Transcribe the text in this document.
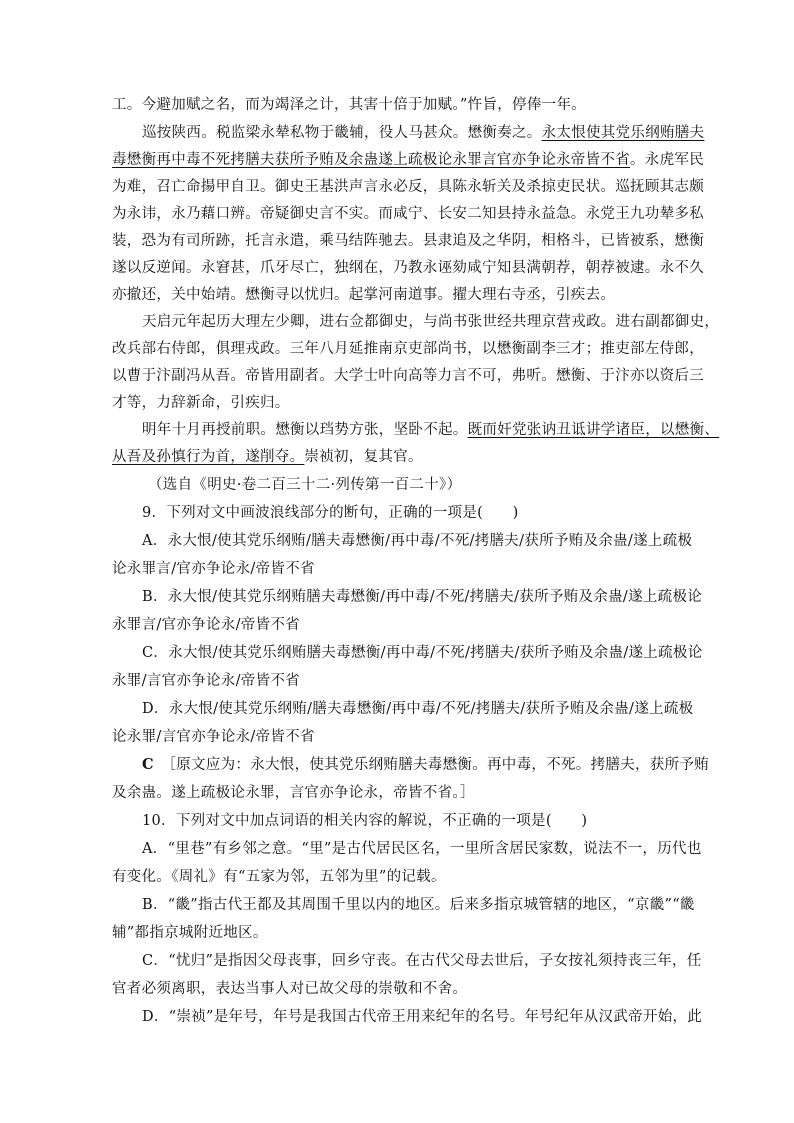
工。今避加赋之名，而为竭泽之计，其害十倍于加赋。”忤旨，停俸一年。
巡按陕西。税监梁永辇私物于畿辅，役人马甚众。懋衡奏之。永太恨使其党乐纲贿膳夫
毒懋衡再中毒不死拷膳夫获所予贿及余蛊遂上疏极论永罪言官亦争论永帝皆不省。永虎军民
为难，召亡命揚甲自卫。御史王基洪声言永必反，具陈永斩关及杀掠吏民状。巡抚顾其志颇
为永讳，永乃藉口辨。帝疑御史言不实。而咸宁、长安二知县持永益急。永党王九功辇多私
装，恐为有司所跡，托言永遣，乘马结阵驰去。县隶追及之华阴，相格斗，已皆被系，懋衡
遂以反逆闻。永窘甚，爪牙尽亡，独纲在，乃教永诬劾咸宁知县满朝荐，朝荐被逮。永不久
亦撤还，关中始靖。懋衡寻以忧归。起掌河南道事。擢大理右寺丞，引疾去。
天启元年起历大理左少卿，进右佥都御史，与尚书张世经共理京营戎政。进右副都御史，
改兵部右侍郎，俱理戎政。三年八月延推南京吏部尚书，以懋衡副李三才；推吏部左侍郎，
以曹于汴副冯从吾。帝皆用副者。大学士叶向高等力言不可，弗听。懋衡、于汴亦以资后三
才等，力辞新命，引疾归。
明年十月再授前职。懋衡以珰势方张，坚卧不起。既而奸党张讷丑诋讲学诸臣，以懋衡、
从吾及孙慎行为首，遂削夺。崇祯初，复其官。
（选自《明史·卷二百三十二·列传第一百二十》）
9．下列对文中画波浪线部分的断句，正确的一项是(　　)
A．永大恨/使其党乐纲贿/膳夫毒懋衡/再中毒/不死/拷膳夫/获所予贿及余蛊/遂上疏极
论永罪言/官亦争论永/帝皆不省
B．永大恨/使其党乐纲贿膳夫毒懋衡/再中毒/不死/拷膳夫/获所予贿及余蛊/遂上疏极论
永罪言/官亦争论永/帝皆不省
C．永大恨/使其党乐纲贿膳夫毒懋衡/再中毒/不死/拷膳夫/获所予贿及余蛊/遂上疏极论
永罪/言官亦争论永/帝皆不省
D．永大恨/使其党乐纲贿/膳夫毒懋衡/再中毒/不死/拷膳夫/获所予贿及余蛊/遂上疏极
论永罪/言官亦争论永/帝皆不省
C　 ［原文应为：永大恨，使其党乐纲贿膳夫毒懋衡。再中毒，不死。拷膳夫，获所予贿
及余蛊。遂上疏极论永罪，言官亦争论永，帝皆不省。］
10．下列对文中加点词语的相关内容的解说，不正确的一项是(　　)
A．“里巷”有乡邻之意。“里”是古代居民区名，一里所含居民家数，说法不一，历代也
有变化。《周礼》有“五家为邻，五邻为里”的记载。
B．“畿”指古代王都及其周围千里以内的地区。后来多指京城管辖的地区，“京畿”“畿
辅”都指京城附近地区。
C．“忧归”是指因父母丧事，回乡守丧。在古代父母去世后，子女按礼须持丧三年，任
官者必须离职，表达当事人对已故父母的崇敬和不舍。
D．“崇祯”是年号，年号是我国古代帝王用来纪年的名号。年号纪年从汉武帝开始，此
